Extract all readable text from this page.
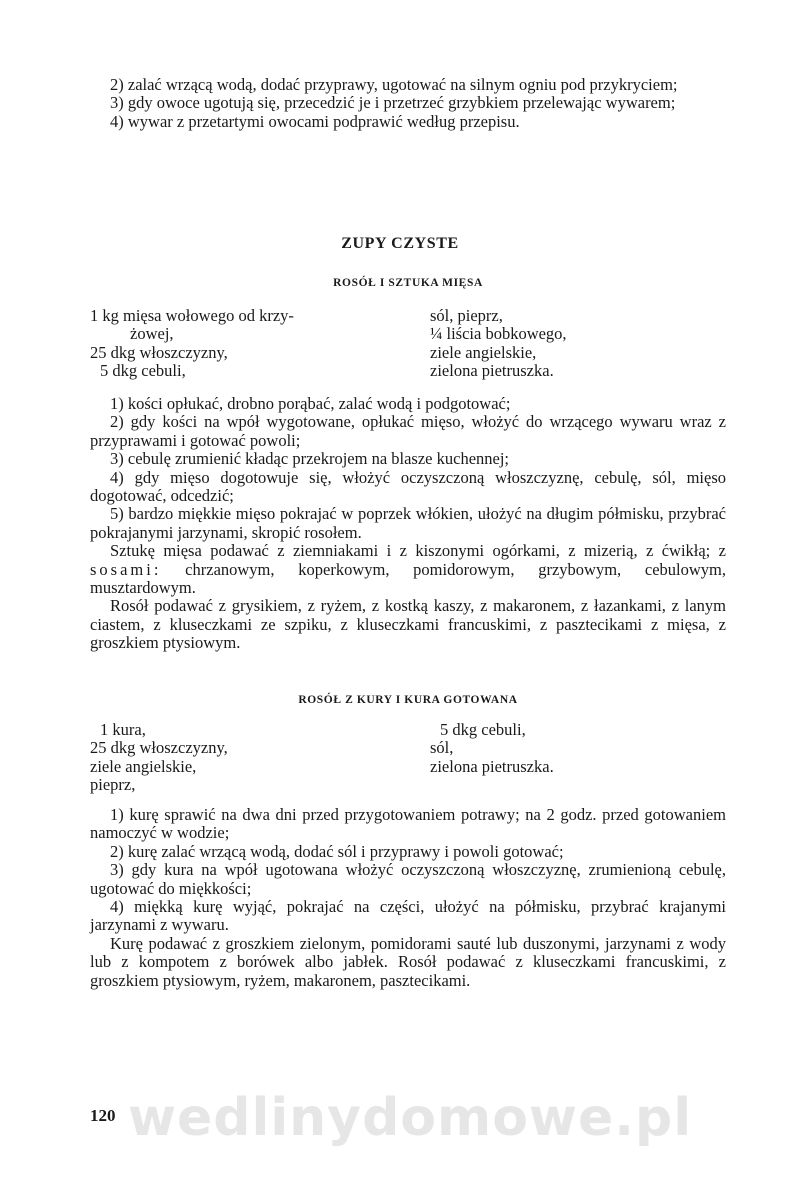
2) zalać wrzącą wodą, dodać przyprawy, ugotować na silnym ogniu pod przykryciem;

3) gdy owoce ugotują się, przecedzić je i przetrzeć grzybkiem przelewając wywarem;

4) wywar z przetartymi owocami podprawić według przepisu.

ZUPY CZYSTE
ROSÓŁ I SZTUKA MIĘSA
1 kg mięsa wołowego od krzy-
żowej,
25 dkg włoszczyzny,
5 dkg cebuli,
sól, pieprz,
¼ liścia bobkowego,
ziele angielskie,
zielona pietruszka.

1) kości opłukać, drobno porąbać, zalać wodą i podgotować;

2) gdy kości na wpół wygotowane, opłukać mięso, włożyć do wrzącego wywaru wraz z przyprawami i gotować powoli;

3) cebulę zrumienić kładąc przekrojem na blasze kuchennej;

4) gdy mięso dogotowuje się, włożyć oczyszczoną włoszczyznę, cebulę, sól, mięso dogotować, odcedzić;

5) bardzo miękkie mięso pokrajać w poprzek włókien, ułożyć na długim półmisku, przybrać pokrajanymi jarzynami, skropić rosołem.

Sztukę mięsa podawać z ziemniakami i z kiszonymi ogórkami, z mizerią, z ćwikłą; z sosami: chrzanowym, koperkowym, pomidorowym, grzybowym, cebulowym, musztardowym.

Rosół podawać z grysikiem, z ryżem, z kostką kaszy, z makaronem, z łazankami, z lanym ciastem, z kluseczkami ze szpiku, z kluseczkami francuskimi, z pasztecikami z mięsa, z groszkiem ptysiowym.

ROSÓŁ Z KURY I KURA GOTOWANA
1 kura,
25 dkg włoszczyzny,
ziele angielskie,
pieprz,
5 dkg cebuli,
sól,
zielona pietruszka.

1) kurę sprawić na dwa dni przed przygotowaniem potrawy; na 2 godz. przed gotowaniem namoczyć w wodzie;

2) kurę zalać wrzącą wodą, dodać sól i przyprawy i powoli gotować;

3) gdy kura na wpół ugotowana włożyć oczyszczoną włoszczyznę, zrumienioną cebulę, ugotować do miękkości;

4) miękką kurę wyjąć, pokrajać na części, ułożyć na półmisku, przybrać krajanymi jarzynami z wywaru.

Kurę podawać z groszkiem zielonym, pomidorami sauté lub duszonymi, jarzynami z wody lub z kompotem z borówek albo jabłek. Rosół podawać z kluseczkami francuskimi, z groszkiem ptysiowym, ryżem, makaronem, pasztecikami.

wedlinydomowe.pl
120
